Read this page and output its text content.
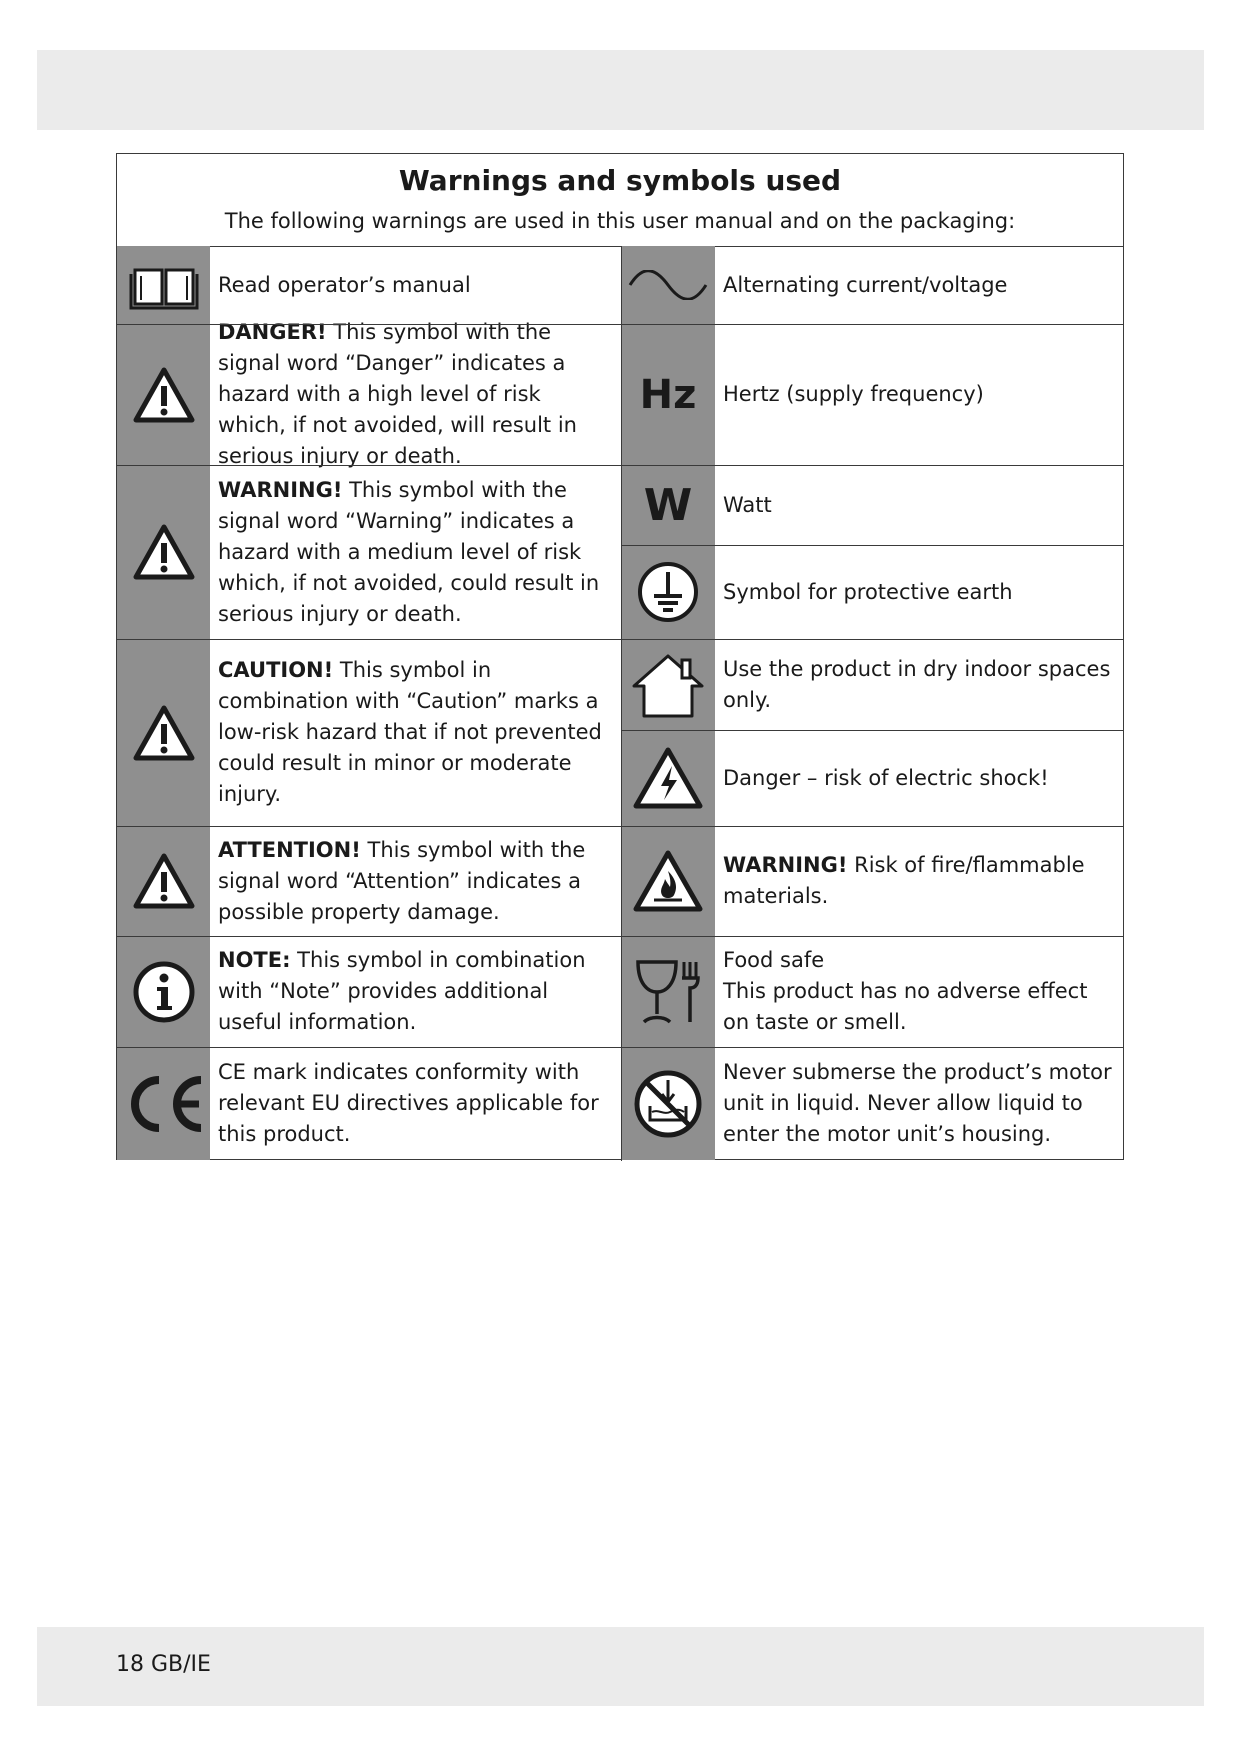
Warnings and symbols used
The following warnings are used in this user manual and on the packaging:
Read operator’s manual
DANGER! This symbol with the signal word “Danger” indicates a hazard with a high level of risk which, if not avoided, will result in serious injury or death.
WARNING! This symbol with the signal word “Warning” indicates a hazard with a medium level of risk which, if not avoided, could result in serious injury or death.
CAUTION! This symbol in combination with “Caution” marks a low-risk hazard that if not prevented could result in minor or moderate injury.
ATTENTION! This symbol with the signal word “Attention” indicates a possible property damage.
NOTE: This symbol in combination with “Note” provides additional useful information.
CE mark indicates conformity with relevant EU directives applicable for this product.
Alternating current/voltage
Hz	Hertz (supply frequency)
W	Watt
Symbol for protective earth
Use the product in dry indoor spaces only.
Danger – risk of electric shock!
WARNING! Risk of fire/flammable materials.
Food safe
This product has no adverse effect on taste or smell.
Never submerse the product’s motor unit in liquid. Never allow liquid to enter the motor unit’s housing.
18 GB/IE
